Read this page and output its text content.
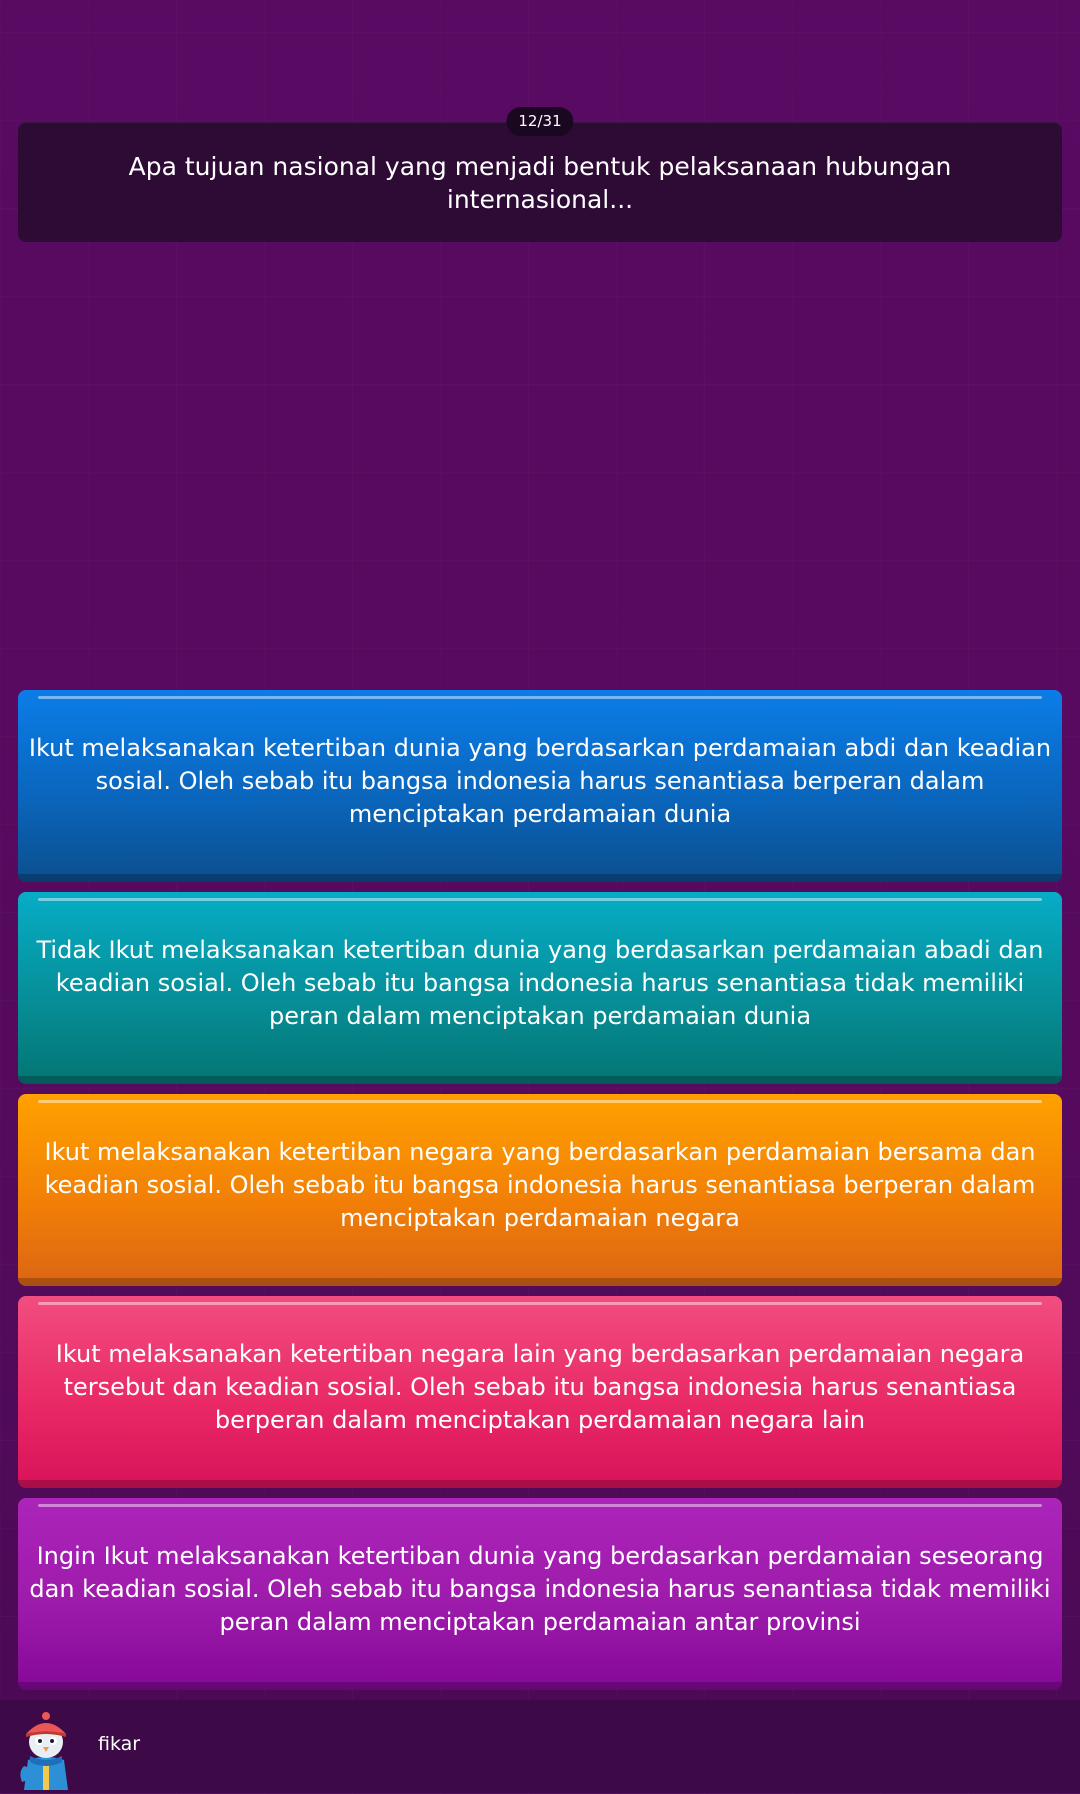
12/31
Apa tujuan nasional yang menjadi bentuk pelaksanaan hubungan internasional...
Ikut melaksanakan ketertiban dunia yang berdasarkan perdamaian abdi dan keadian sosial. Oleh sebab itu bangsa indonesia harus senantiasa berperan dalam menciptakan perdamaian dunia
Tidak Ikut melaksanakan ketertiban dunia yang berdasarkan perdamaian abadi dan keadian sosial. Oleh sebab itu bangsa indonesia harus senantiasa tidak memiliki peran dalam menciptakan perdamaian dunia
Ikut melaksanakan ketertiban negara yang berdasarkan perdamaian bersama dan keadian sosial. Oleh sebab itu bangsa indonesia harus senantiasa berperan dalam menciptakan perdamaian negara
Ikut melaksanakan ketertiban negara lain yang berdasarkan perdamaian negara tersebut dan keadian sosial. Oleh sebab itu bangsa indonesia harus senantiasa berperan dalam menciptakan perdamaian negara lain
Ingin Ikut melaksanakan ketertiban dunia yang berdasarkan perdamaian seseorang dan keadian sosial. Oleh sebab itu bangsa indonesia harus senantiasa tidak memiliki peran dalam menciptakan perdamaian antar provinsi
fikar
